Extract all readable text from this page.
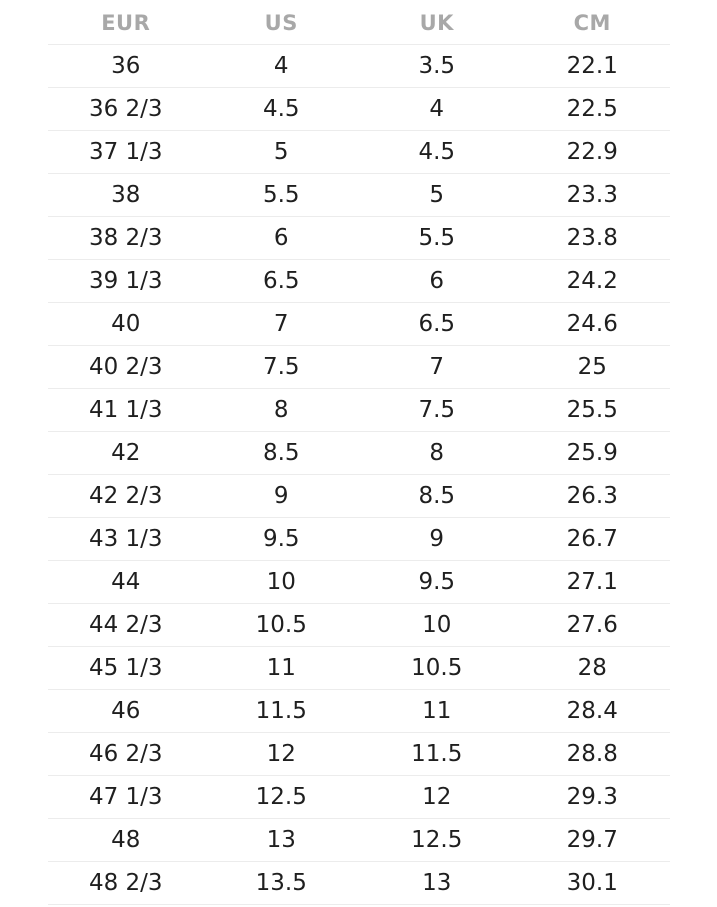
EUR	US	UK	CM
36	4	3.5	22.1
36 2/3	4.5	4	22.5
37 1/3	5	4.5	22.9
38	5.5	5	23.3
38 2/3	6	5.5	23.8
39 1/3	6.5	6	24.2
40	7	6.5	24.6
40 2/3	7.5	7	25
41 1/3	8	7.5	25.5
42	8.5	8	25.9
42 2/3	9	8.5	26.3
43 1/3	9.5	9	26.7
44	10	9.5	27.1
44 2/3	10.5	10	27.6
45 1/3	11	10.5	28
46	11.5	11	28.4
46 2/3	12	11.5	28.8
47 1/3	12.5	12	29.3
48	13	12.5	29.7
48 2/3	13.5	13	30.1
